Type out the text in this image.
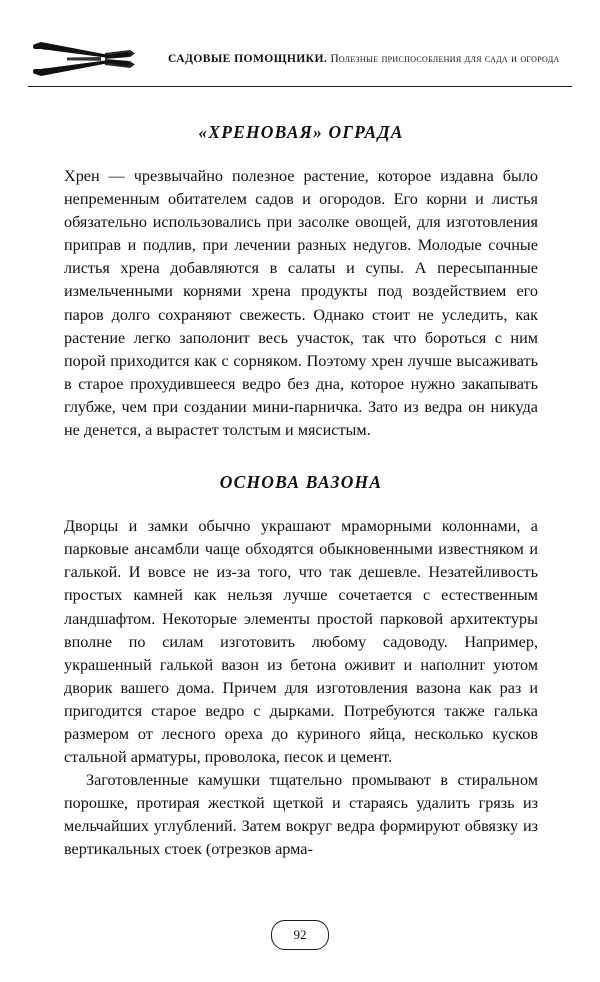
САДОВЫЕ ПОМОЩНИКИ. Полезные приспособления для сада и огорода
«ХРЕНОВАЯ» ОГРАДА

Хрен — чрезвычайно полезное растение, которое издавна было непременным обитателем садов и огородов. Его корни и листья обязательно использовались при засолке овощей, для изготовления приправ и подлив, при лечении разных недугов. Молодые сочные листья хрена добавляются в салаты и супы. А пересыпанные измельченными корнями хрена продукты под воздействием его паров долго сохраняют свежесть. Однако стоит не уследить, как растение легко заполонит весь участок, так что бороться с ним порой приходится как с сорняком. Поэтому хрен лучше высаживать в старое прохудившееся ведро без дна, которое нужно закапывать глубже, чем при создании мини-парничка. Зато из ведра он никуда не денется, а вырастет толстым и мясистым.

ОСНОВА ВАЗОНА

Дворцы и замки обычно украшают мраморными колоннами, а парковые ансамбли чаще обходятся обыкновенными известняком и галькой. И вовсе не из-за того, что так дешевле. Незатейливость простых камней как нельзя лучше сочетается с естественным ландшафтом. Некоторые элементы простой парковой архитектуры вполне по силам изготовить любому садоводу. Например, украшенный галькой вазон из бетона оживит и наполнит уютом дворик вашего дома. Причем для изготовления вазона как раз и пригодится старое ведро с дырками. Потребуются также галька размером от лесного ореха до куриного яйца, несколько кусков стальной арматуры, проволока, песок и цемент.

Заготовленные камушки тщательно промывают в стиральном порошке, протирая жесткой щеткой и стараясь удалить грязь из мельчайших углублений. Затем вокруг ведра формируют обвязку из вертикальных стоек (отрезков арма-

92
